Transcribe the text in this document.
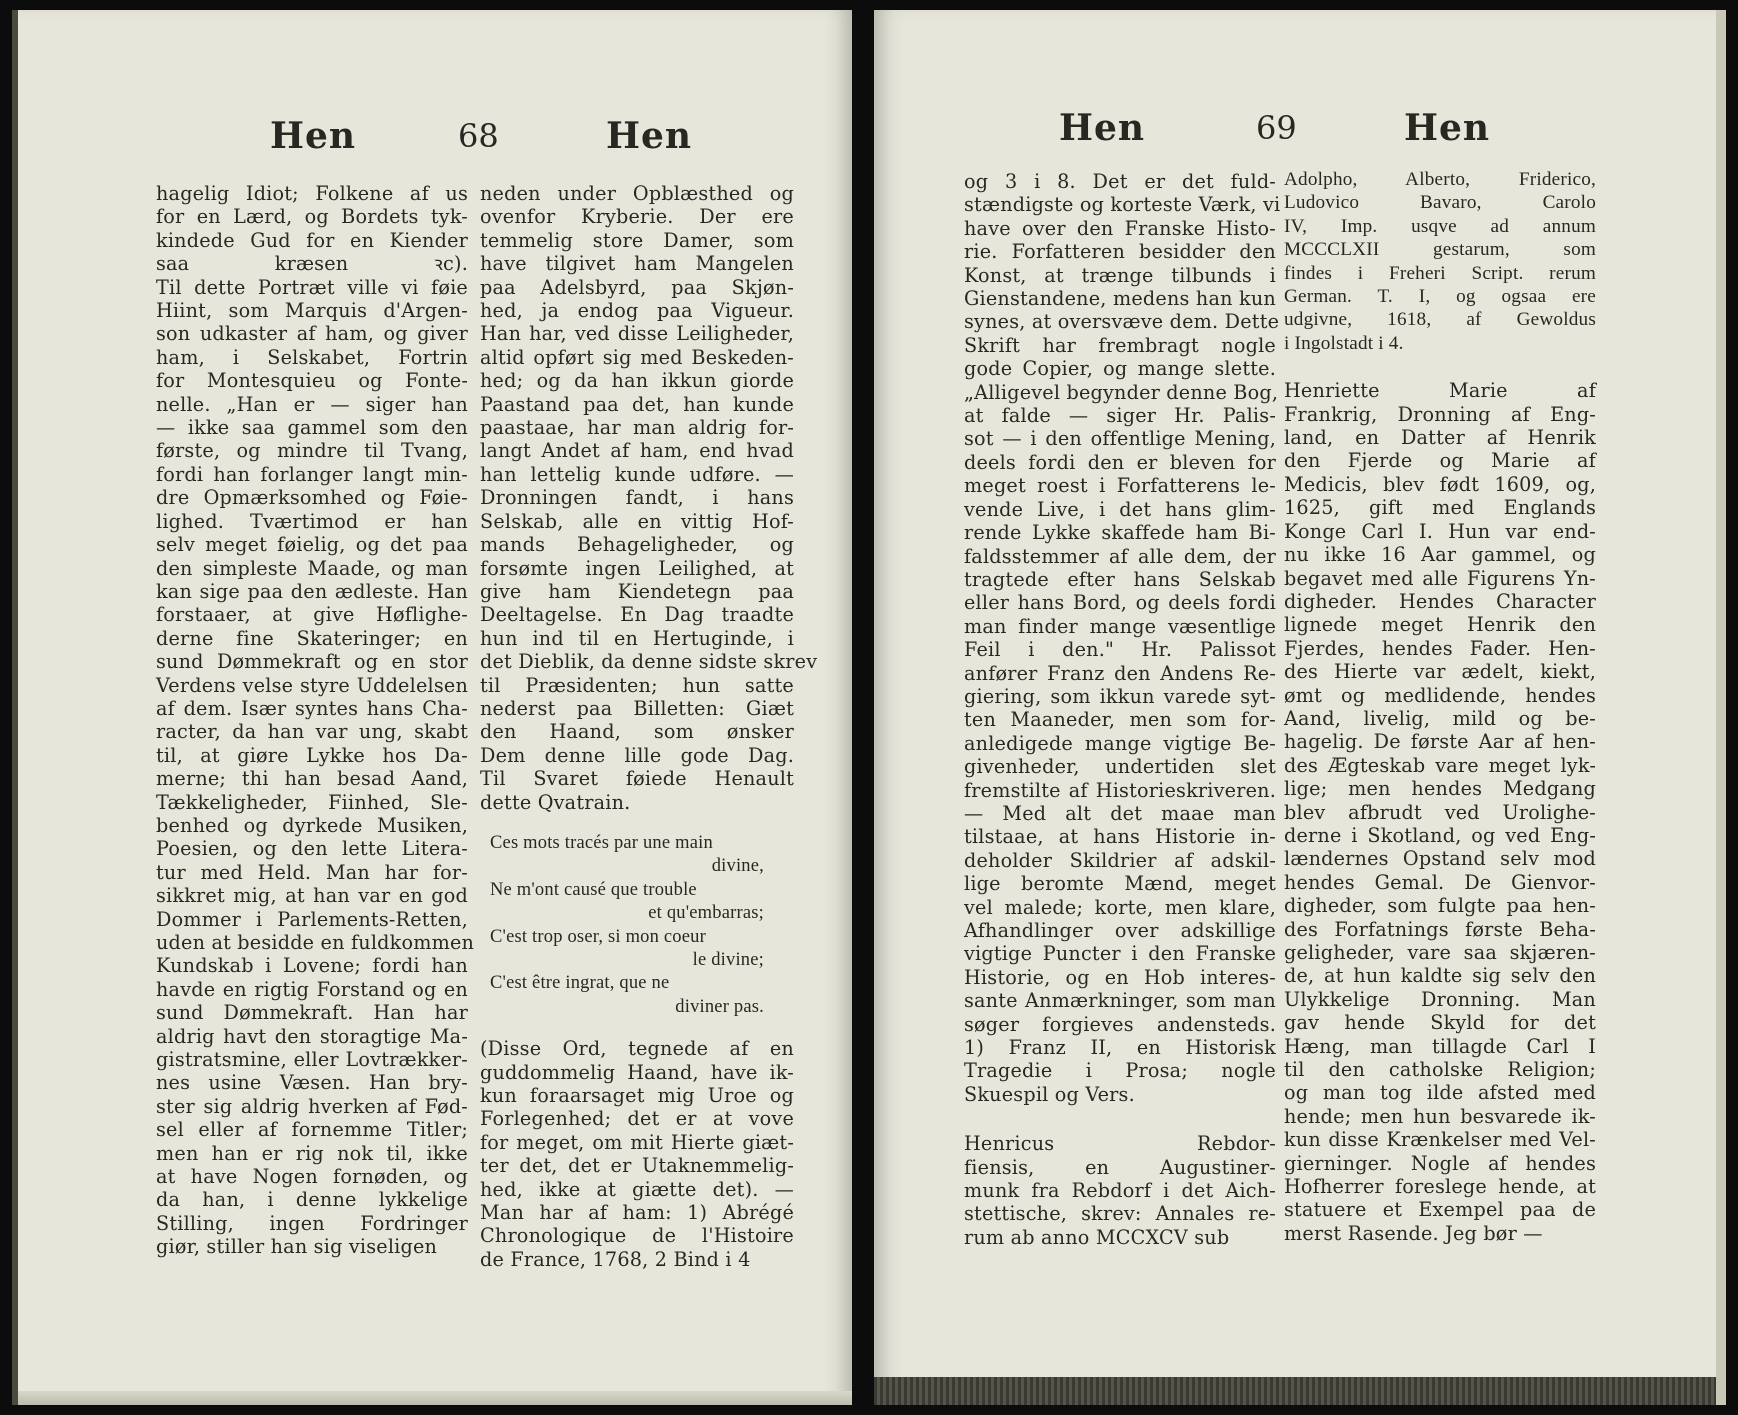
Hen	68	Hen
hagelig Idiot; Folkene af us
for en Lærd, og Bordets tyk-
kindede Gud for en Kiender
saa kræsen ꝛc).
Til dette Portræt ville vi føie
Hiint, som Marquis d'Argen-
son udkaster af ham, og giver
ham, i Selskabet, Fortrin
for Montesquieu og Fonte-
nelle. „Han er — siger han
— ikke saa gammel som den
første, og mindre til Tvang,
fordi han forlanger langt min-
dre Opmærksomhed og Føie-
lighed. Tværtimod er han
selv meget føielig, og det paa
den simpleste Maade, og man
kan sige paa den ædleste. Han
forstaaer, at give Høflighe-
derne fine Skateringer; en
sund Dømmekraft og en stor
Verdens velse styre Uddelelsen
af dem. Især syntes hans Cha-
racter, da han var ung, skabt
til, at giøre Lykke hos Da-
merne; thi han besad Aand,
Tækkeligheder, Fiinhed, Sle-
benhed og dyrkede Musiken,
Poesien, og den lette Litera-
tur med Held. Man har for-
sikkret mig, at han var en god
Dommer i Parlements-Retten,
uden at besidde en fuldkommen
Kundskab i Lovene; fordi han
havde en rigtig Forstand og en
sund Dømmekraft. Han har
aldrig havt den storagtige Ma-
gistratsmine, eller Lovtrækker-
nes usine Væsen. Han bry-
ster sig aldrig hverken af Fød-
sel eller af fornemme Titler;
men han er rig nok til, ikke
at have Nogen fornøden, og
da han, i denne lykkelige
Stilling, ingen Fordringer
giør, stiller han sig viseligen
neden under Opblæsthed og
ovenfor Kryberie. Der ere
temmelig store Damer, som
have tilgivet ham Mangelen
paa Adelsbyrd, paa Skjøn-
hed, ja endog paa Vigueur.
Han har, ved disse Leiligheder,
altid opført sig med Beskeden-
hed; og da han ikkun giorde
Paastand paa det, han kunde
paastaae, har man aldrig for-
langt Andet af ham, end hvad
han lettelig kunde udføre. —
Dronningen fandt, i hans
Selskab, alle en vittig Hof-
mands Behageligheder, og
forsømte ingen Leilighed, at
give ham Kiendetegn paa
Deeltagelse. En Dag traadte
hun ind til en Hertuginde, i
det Dieblik, da denne sidste skrev
til Præsidenten; hun satte
nederst paa Billetten: Giæt
den Haand, som ønsker
Dem denne lille gode Dag.
Til Svaret føiede Henault
dette Qvatrain.
Ces mots tracés par une main
divine,
Ne m'ont causé que trouble
et qu'embarras;
C'est trop oser, si mon coeur
le divine;
C'est être ingrat, que ne
diviner pas.
(Disse Ord, tegnede af en
guddommelig Haand, have ik-
kun foraarsaget mig Uroe og
Forlegenhed; det er at vove
for meget, om mit Hierte giæt-
ter det, det er Utaknemmelig-
hed, ikke at giætte det). —
Man har af ham: 1) Abrégé
Chronologique de l'Histoire
de France, 1768, 2 Bind i 4
Hen	69	Hen
og 3 i 8. Det er det fuld-
stændigste og korteste Værk, vi
have over den Franske Histo-
rie. Forfatteren besidder den
Konst, at trænge tilbunds i
Gienstandene, medens han kun
synes, at oversvæve dem. Dette
Skrift har frembragt nogle
gode Copier, og mange slette.
„Alligevel begynder denne Bog,
at falde — siger Hr. Palis-
sot — i den offentlige Mening,
deels fordi den er bleven for
meget roest i Forfatterens le-
vende Live, i det hans glim-
rende Lykke skaffede ham Bi-
faldsstemmer af alle dem, der
tragtede efter hans Selskab
eller hans Bord, og deels fordi
man finder mange væsentlige
Feil i den." Hr. Palissot
anfører Franz den Andens Re-
giering, som ikkun varede syt-
ten Maaneder, men som for-
anledigede mange vigtige Be-
givenheder, undertiden slet
fremstilte af Historieskriveren.
— Med alt det maae man
tilstaae, at hans Historie in-
deholder Skildrier af adskil-
lige beromte Mænd, meget
vel malede; korte, men klare,
Afhandlinger over adskillige
vigtige Puncter i den Franske
Historie, og en Hob interes-
sante Anmærkninger, som man
søger forgieves andensteds.
1) Franz II, en Historisk
Tragedie i Prosa; nogle
Skuespil og Vers.
Henricus Rebdor-
fiensis, en Augustiner-
munk fra Rebdorf i det Aich-
stettische, skrev: Annales re-
rum ab anno MCCXCV sub
Adolpho, Alberto, Friderico,
Ludovico Bavaro, Carolo
IV, Imp. usqve ad annum
MCCCLXII gestarum, som
findes i Freheri Script. rerum
German. T. I, og ogsaa ere
udgivne, 1618, af Gewoldus
i Ingolstadt i 4.
Henriette Marie af
Frankrig, Dronning af Eng-
land, en Datter af Henrik
den Fjerde og Marie af
Medicis, blev født 1609, og,
1625, gift med Englands
Konge Carl I. Hun var end-
nu ikke 16 Aar gammel, og
begavet med alle Figurens Yn-
digheder. Hendes Character
lignede meget Henrik den
Fjerdes, hendes Fader. Hen-
des Hierte var ædelt, kiekt,
ømt og medlidende, hendes
Aand, livelig, mild og be-
hagelig. De første Aar af hen-
des Ægteskab vare meget lyk-
lige; men hendes Medgang
blev afbrudt ved Urolighe-
derne i Skotland, og ved Eng-
lændernes Opstand selv mod
hendes Gemal. De Gienvor-
digheder, som fulgte paa hen-
des Forfatnings første Beha-
geligheder, vare saa skjæren-
de, at hun kaldte sig selv den
Ulykkelige Dronning. Man
gav hende Skyld for det
Hæng, man tillagde Carl I
til den catholske Religion;
og man tog ilde afsted med
hende; men hun besvarede ik-
kun disse Krænkelser med Vel-
gierninger. Nogle af hendes
Hofherrer foreslege hende, at
statuere et Exempel paa de
merst Rasende. Jeg bør —
